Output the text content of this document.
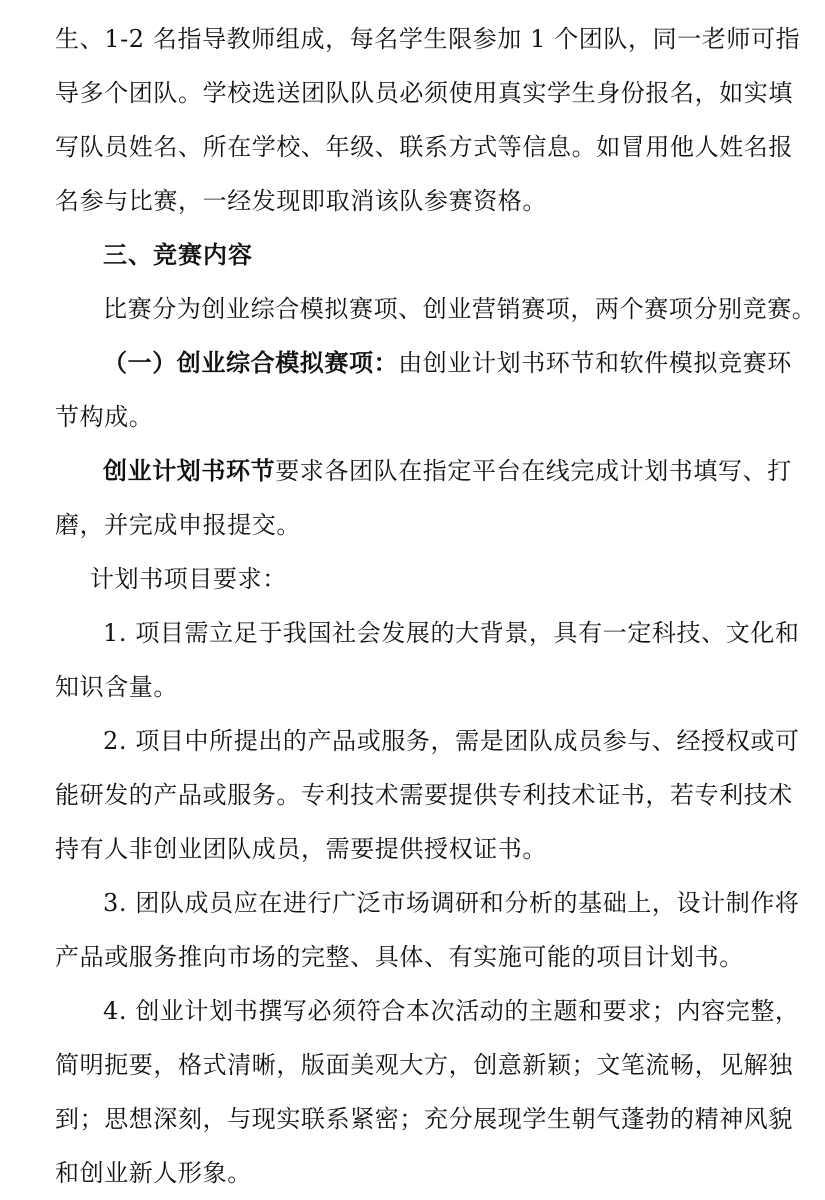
生、1-2 名指导教师组成，每名学生限参加 1 个团队，同一老师可指
导多个团队。学校选送团队队员必须使用真实学生身份报名，如实填
写队员姓名、所在学校、年级、联系方式等信息。如冒用他人姓名报
名参与比赛，一经发现即取消该队参赛资格。
三、竞赛内容
比赛分为创业综合模拟赛项、创业营销赛项，两个赛项分别竞赛。
（一）创业综合模拟赛项：由创业计划书环节和软件模拟竞赛环
节构成。
创业计划书环节要求各团队在指定平台在线完成计划书填写、打
磨，并完成申报提交。
计划书项目要求：
1. 项目需立足于我国社会发展的大背景，具有一定科技、文化和
知识含量。
2. 项目中所提出的产品或服务，需是团队成员参与、经授权或可
能研发的产品或服务。专利技术需要提供专利技术证书，若专利技术
持有人非创业团队成员，需要提供授权证书。
3. 团队成员应在进行广泛市场调研和分析的基础上，设计制作将
产品或服务推向市场的完整、具体、有实施可能的项目计划书。
4. 创业计划书撰写必须符合本次活动的主题和要求；内容完整，
简明扼要，格式清晰，版面美观大方，创意新颖；文笔流畅，见解独
到；思想深刻，与现实联系紧密；充分展现学生朝气蓬勃的精神风貌
和创业新人形象。
